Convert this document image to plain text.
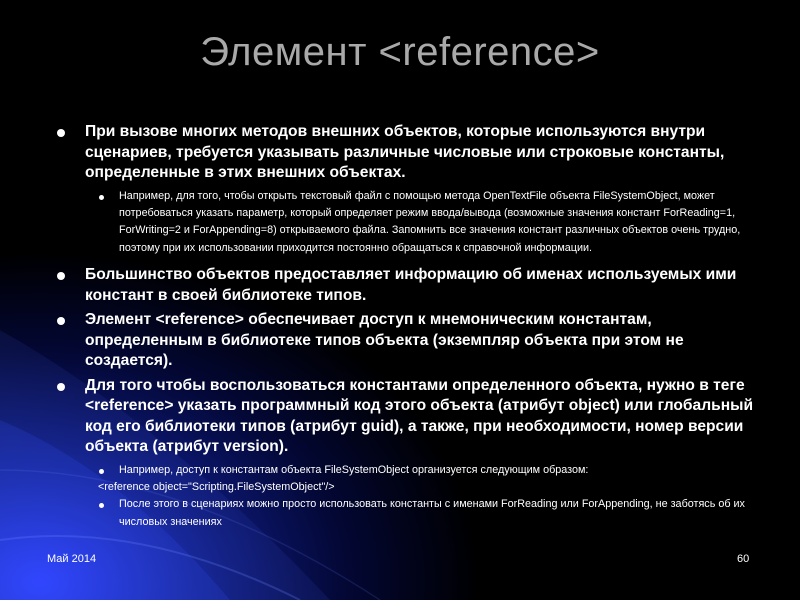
Элемент <reference>
При вызове многих методов внешних объектов, которые используются внутри сценариев, требуется указывать различные числовые или строковые константы, определенные в этих внешних объектах.
Например, для того, чтобы открыть текстовый файл с помощью метода OpenTextFile объекта FileSystemObject, может потребоваться указать параметр, который определяет режим ввода/вывода (возможные значения констант ForReading=1, ForWriting=2 и ForAppending=8) открываемого файла. Запомнить все значения констант различных объектов очень трудно, поэтому при их использовании приходится постоянно обращаться к справочной информации.
Большинство объектов предоставляет информацию об именах используемых ими констант в своей библиотеке типов.
Элемент <reference> обеспечивает доступ к мнемоническим константам, определенным в библиотеке типов объекта (экземпляр объекта при этом не создается).
Для того чтобы воспользоваться константами определенного объекта, нужно в теге <reference> указать программный код этого объекта (атрибут object) или глобальный код его библиотеки типов (атрибут guid), а также, при необходимости, номер версии объекта (атрибут version).
Например, доступ к константам объекта FileSystemObject организуется следующим образом:
<reference object="Scripting.FileSystemObject"/>
После этого в сценариях можно просто использовать константы с именами ForReading или ForAppending, не заботясь об их числовых значениях
Май 2014	60
